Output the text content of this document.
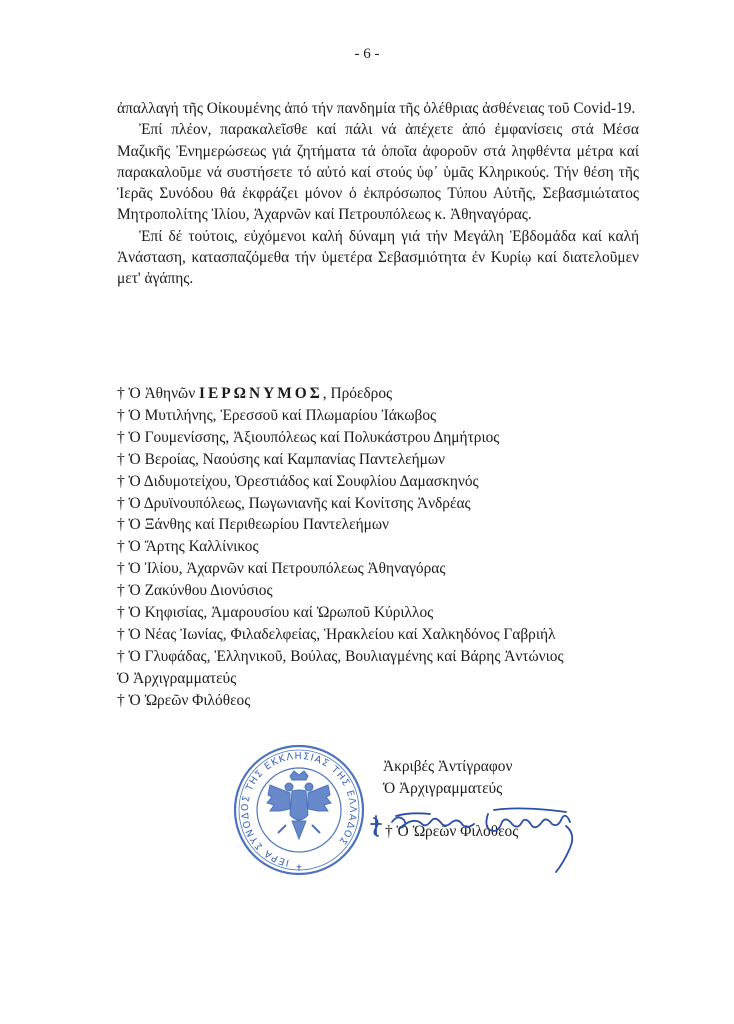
- 6 -

ἀπαλλαγή τῆς Οἰκουμένης ἀπό τήν πανδημία τῆς ὀλέθριας ἀσθένειας τοῦ Covid-19.

Ἐπί πλέον, παρακαλεῖσθε καί πάλι νά ἀπέχετε ἀπό ἐμφανίσεις στά Μέσα Μαζικῆς Ἐνημερώσεως γιά ζητήματα τά ὁποῖα ἀφοροῦν στά ληφθέντα μέτρα καί παρακαλοῦμε νά συστήσετε τό αὐτό καί στούς ὑφ᾿ ὑμᾶς Κληρικούς. Τήν θέση τῆς Ἱερᾶς Συνόδου θά ἐκφράζει μόνον ὁ ἐκπρόσωπος Τύπου Αὐτῆς, Σεβασμιώτατος Μητροπολίτης Ἰλίου, Ἀχαρνῶν καί Πετρουπόλεως κ. Ἀθηναγόρας.

Ἐπί δέ τούτοις, εὐχόμενοι καλή δύναμη γιά τήν Μεγάλη Ἑβδομάδα καί καλή Ἀνάσταση, κατασπαζόμεθα τήν ὑμετέρα Σεβασμιότητα ἐν Κυρίῳ καί διατελοῦμεν μετ' ἀγάπης.

† Ὁ Ἀθηνῶν ΙΕΡΩΝΥΜΟΣ, Πρόεδρος
† Ὁ Μυτιλήνης, Ἐρεσσοῦ καί Πλωμαρίου Ἰάκωβος
† Ὁ Γουμενίσσης, Ἀξιουπόλεως καί Πολυκάστρου Δημήτριος
† Ὁ Βεροίας, Ναούσης καί Καμπανίας Παντελεήμων
† Ὁ Διδυμοτείχου, Ὀρεστιάδος καί Σουφλίου Δαμασκηνός
† Ὁ Δρυϊνουπόλεως, Πωγωνιανῆς καί Κονίτσης Ἀνδρέας
† Ὁ Ξάνθης καί Περιθεωρίου Παντελεήμων
† Ὁ Ἄρτης Καλλίνικος
† Ὁ Ἰλίου, Ἀχαρνῶν καί Πετρουπόλεως Ἀθηναγόρας
† Ὁ Ζακύνθου Διονύσιος
† Ὁ Κηφισίας, Ἀμαρουσίου καί Ὠρωποῦ Κύριλλος
† Ὁ Νέας Ἰωνίας, Φιλαδελφείας, Ἡρακλείου καί Χαλκηδόνος Γαβριήλ
† Ὁ Γλυφάδας, Ἐλληνικοῦ, Βούλας, Βουλιαγμένης καί Βάρης Ἀντώνιος
Ὁ Ἀρχιγραμματεύς
† Ὁ Ὠρεῶν Φιλόθεος
✝
ΙΕΡΑ ΣΥΝΟΔΟΣ ΤΗΣ ΕΚΚΛΗΣΙΑΣ ΤΗΣ ΕΛΛΑΔΟΣ
Ἀκριβές Ἀντίγραφον
Ὁ Ἀρχιγραμματεύς
† Ὁ Ὠρεῶν Φιλόθεος
